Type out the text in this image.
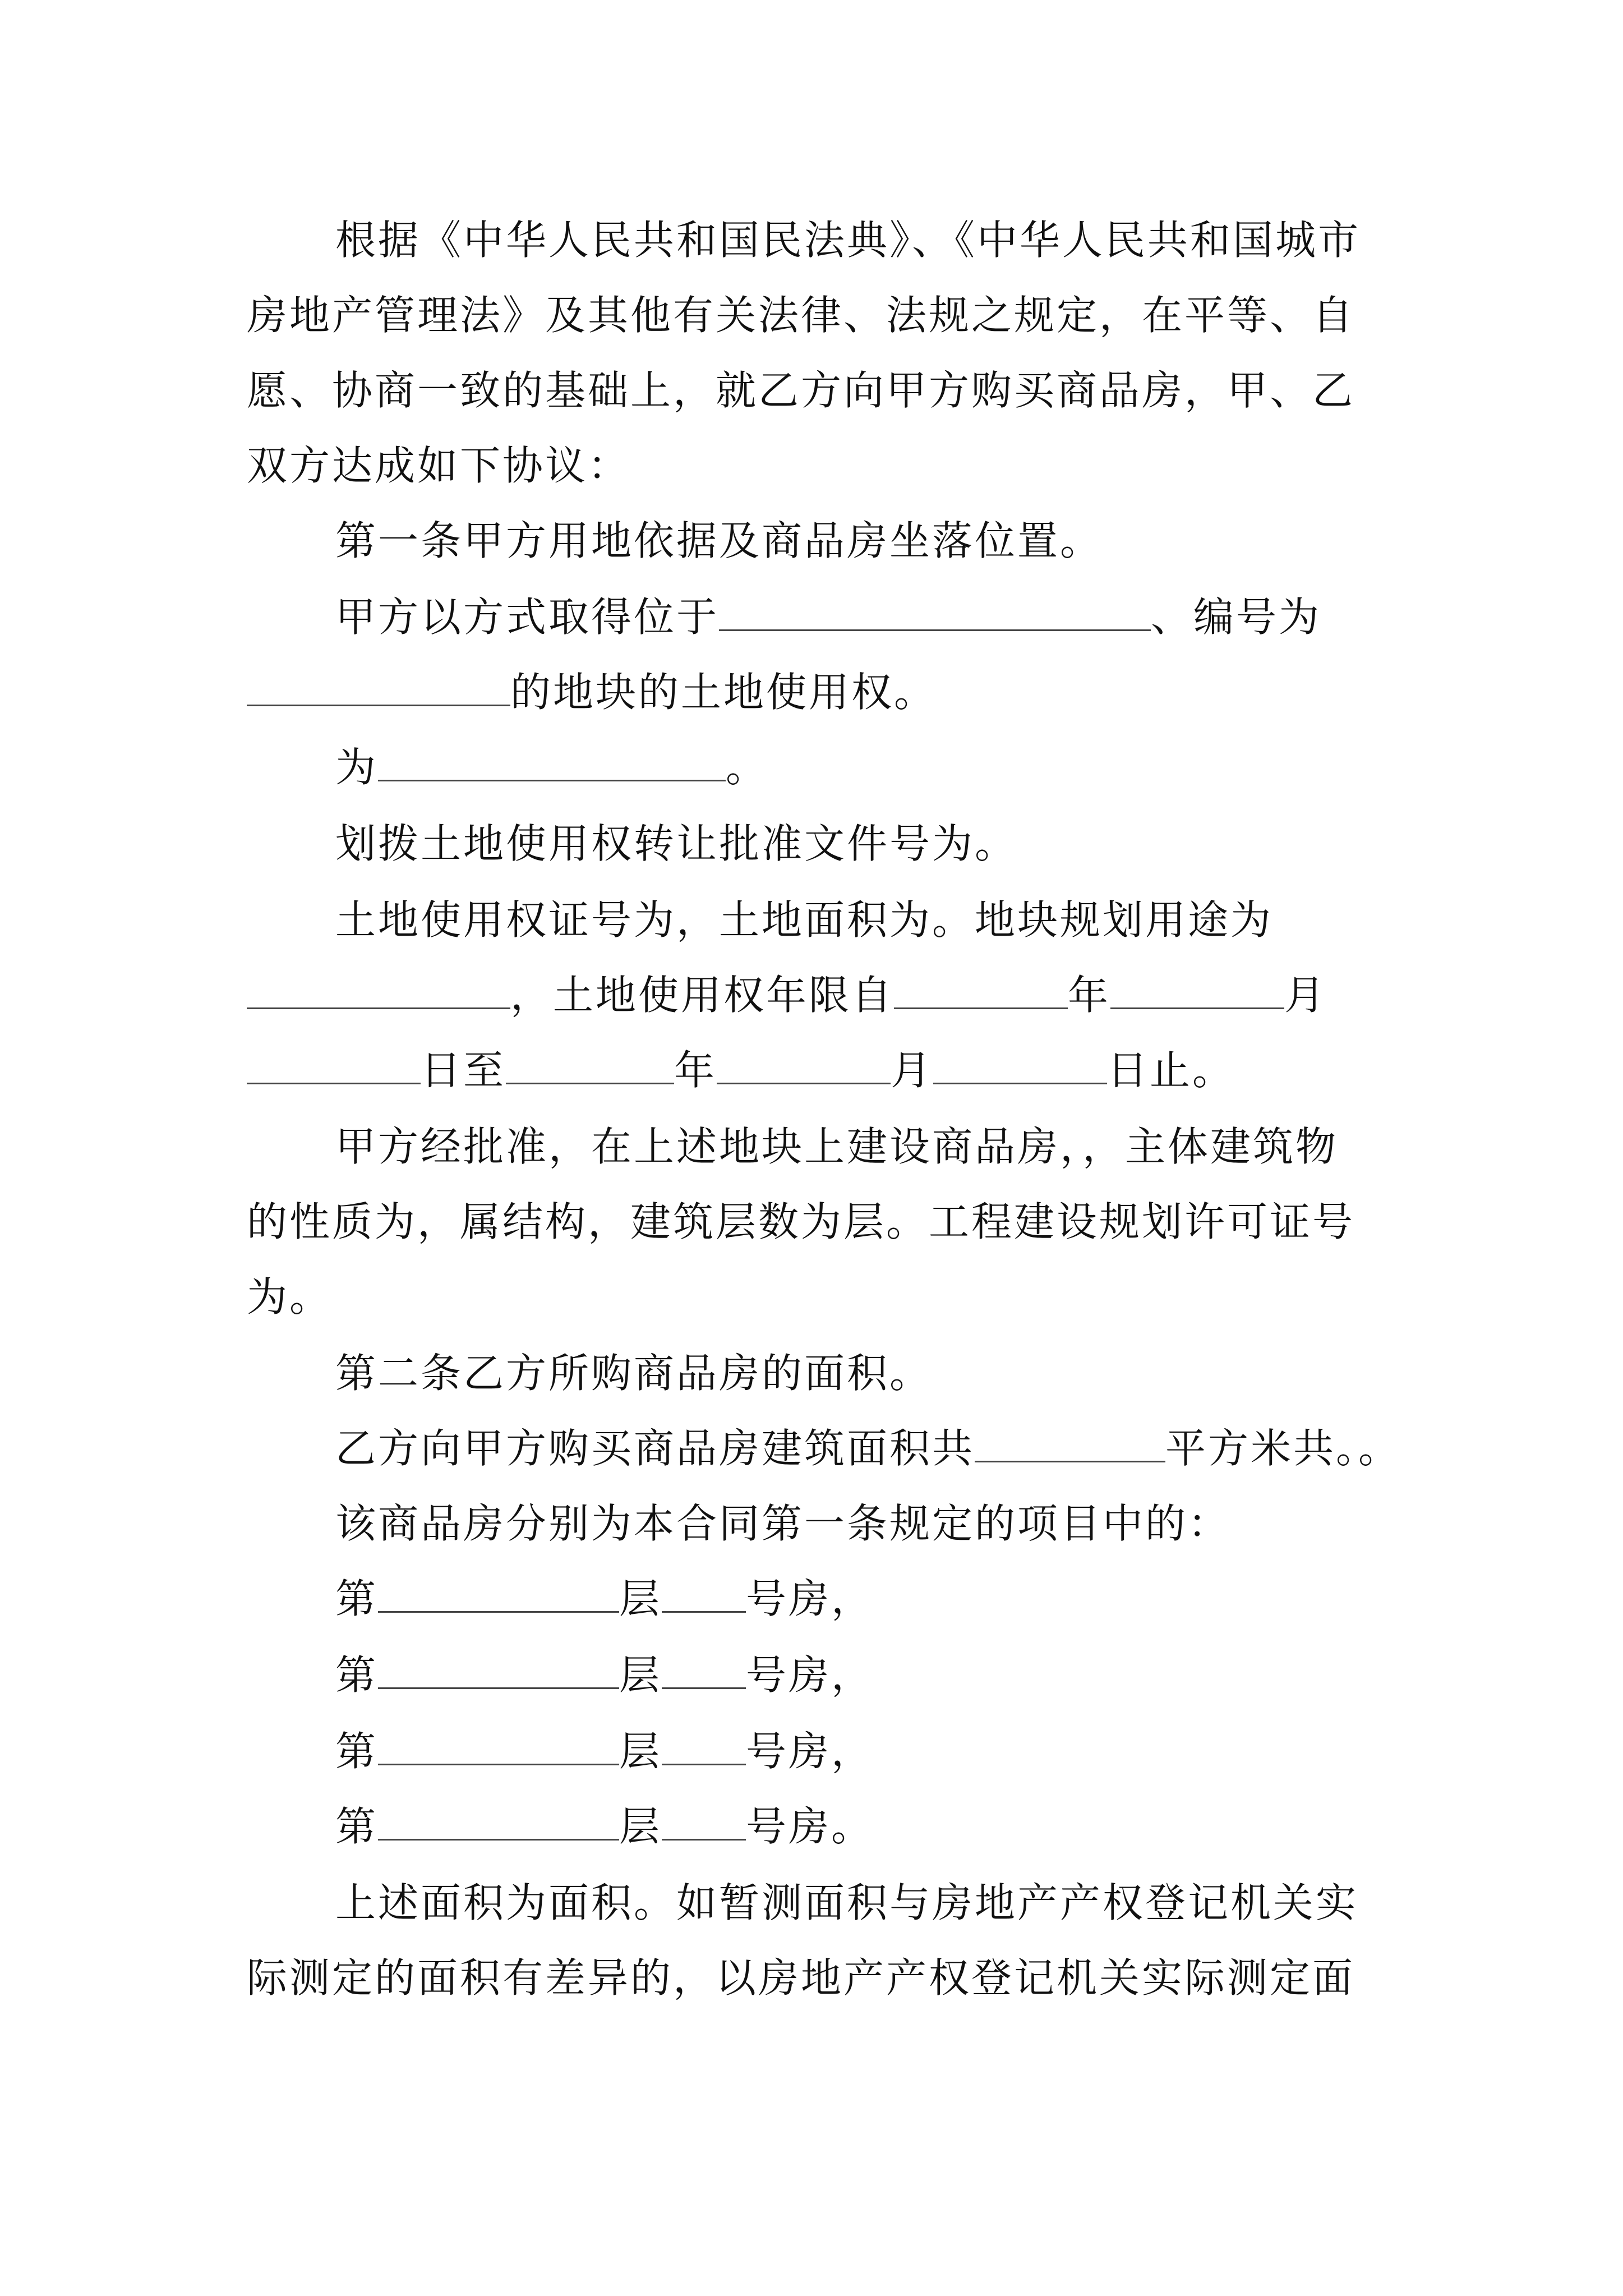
根据《中华人民共和国民法典》、《中华人民共和国城市
房地产管理法》及其他有关法律、法规之规定，在平等、自
愿、协商一致的基础上，就乙方向甲方购买商品房，甲、乙
双方达成如下协议：
第一条甲方用地依据及商品房坐落位置。
甲方以方式取得位于	、编号为
的地块的土地使用权。
为	。
划拨土地使用权转让批准文件号为。
土地使用权证号为，土地面积为。地块规划用途为
，土地使用权年限自	年	月
日至	年	月	日止。
甲方经批准，在上述地块上建设商品房，，主体建筑物
的性质为，属结构，建筑层数为层。工程建设规划许可证号
为。
第二条乙方所购商品房的面积。
乙方向甲方购买商品房建筑面积共	平方米共。。
该商品房分别为本合同第一条规定的项目中的：
第	层 号房，
第	层 号房，
第	层 号房，
第	层 号房。
上述面积为面积。如暂测面积与房地产产权登记机关实
际测定的面积有差异的，以房地产产权登记机关实际测定面
